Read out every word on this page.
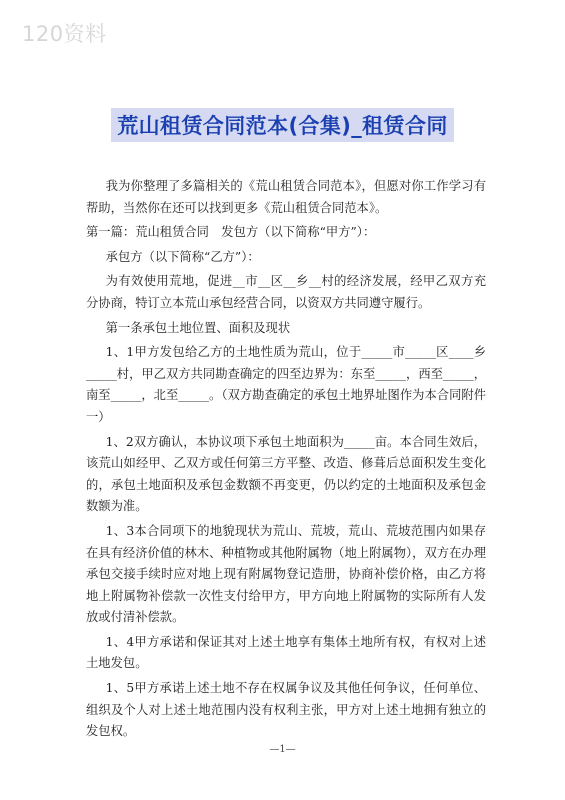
120资料
荒山租赁合同范本(合集)_租赁合同

我为你整理了多篇相关的《荒山租赁合同范本》，但愿对你工作学习有帮助，当然你在还可以找到更多《荒山租赁合同范本》。

第一篇：荒山租赁合同　发包方（以下简称“甲方”）：

承包方（以下简称“乙方”）：

为有效使用荒地，促进__市__区__乡__村的经济发展，经甲乙双方充分协商，特订立本荒山承包经营合同，以资双方共同遵守履行。

第一条承包土地位置、面积及现状

1、1甲方发包给乙方的土地性质为荒山，位于_____市_____区____乡_____村，甲乙双方共同勘查确定的四至边界为：东至_____，西至_____，南至_____，北至_____。（双方勘查确定的承包土地界址图作为本合同附件一）

1、2双方确认，本协议项下承包土地面积为_____亩。本合同生效后，该荒山如经甲、乙双方或任何第三方平整、改造、修葺后总面积发生变化的，承包土地面积及承包金数额不再变更，仍以约定的土地面积及承包金数额为准。

1、3本合同项下的地貌现状为荒山、荒坡，荒山、荒坡范围内如果存在具有经济价值的林木、种植物或其他附属物（地上附属物），双方在办理承包交接手续时应对地上现有附属物登记造册，协商补偿价格，由乙方将地上附属物补偿款一次性支付给甲方，甲方向地上附属物的实际所有人发放或付清补偿款。

1、4甲方承诺和保证其对上述土地享有集体土地所有权，有权对上述土地发包。

1、5甲方承诺上述土地不存在权属争议及其他任何争议，任何单位、组织及个人对上述土地范围内没有权利主张，甲方对上述土地拥有独立的发包权。

—1—
